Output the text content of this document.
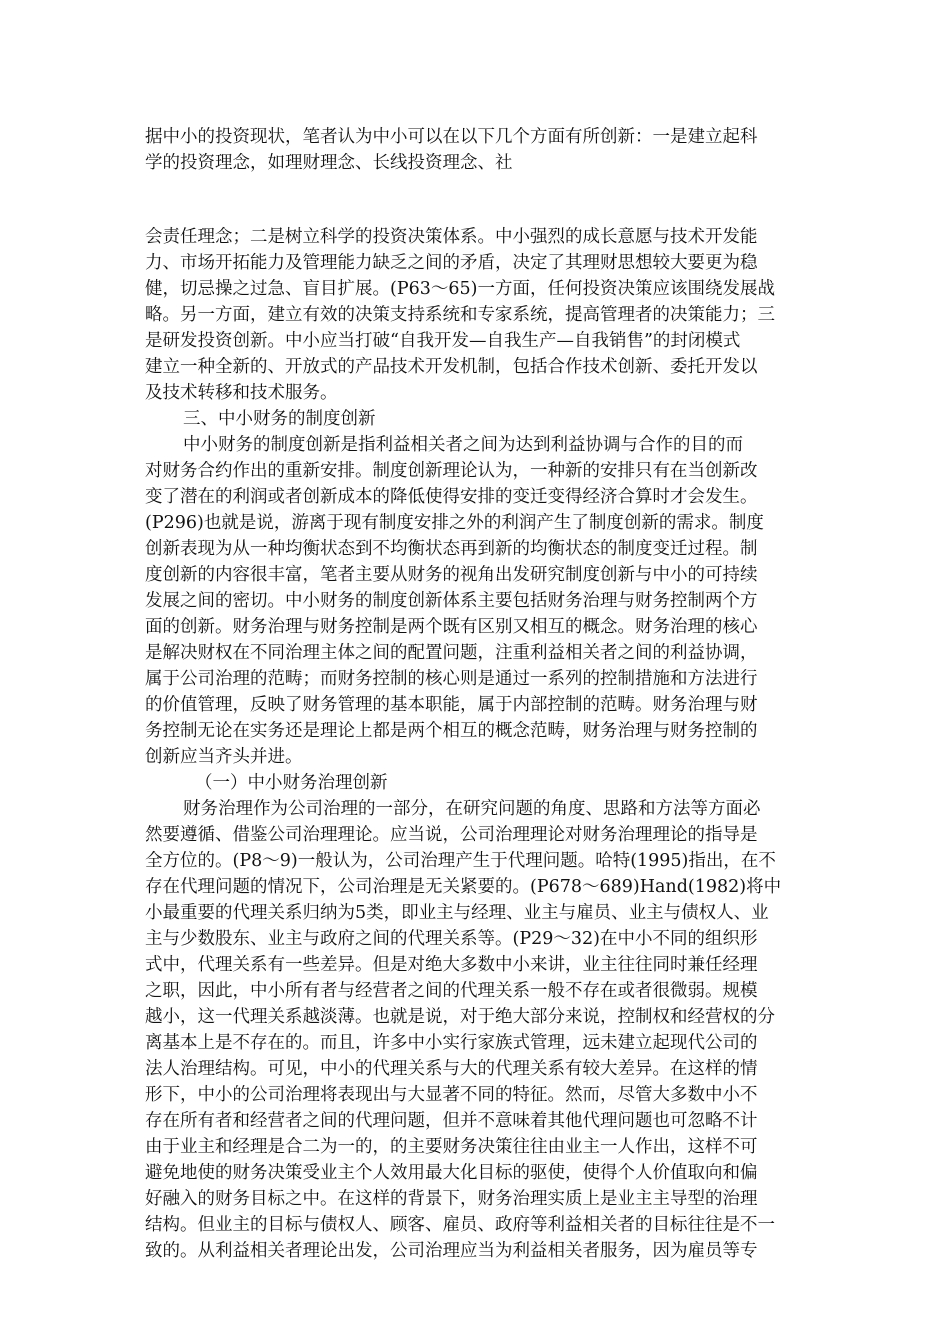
据中小的投资现状，笔者认为中小可以在以下几个方面有所创新：一是建立起科
学的投资理念，如理财理念、长线投资理念、社
会责任理念；二是树立科学的投资决策体系。中小强烈的成长意愿与技术开发能
力、市场开拓能力及管理能力缺乏之间的矛盾，决定了其理财思想较大要更为稳
健，切忌操之过急、盲目扩展。(P63～65)一方面，任何投资决策应该围绕发展战
略。另一方面，建立有效的决策支持系统和专家系统，提高管理者的决策能力；三
是研发投资创新。中小应当打破“自我开发—自我生产—自我销售”的封闭模式
建立一种全新的、开放式的产品技术开发机制，包括合作技术创新、委托开发以
及技术转移和技术服务。
三、中小财务的制度创新
中小财务的制度创新是指利益相关者之间为达到利益协调与合作的目的而
对财务合约作出的重新安排。制度创新理论认为，一种新的安排只有在当创新改
变了潜在的利润或者创新成本的降低使得安排的变迁变得经济合算时才会发生。
(P296)也就是说，游离于现有制度安排之外的利润产生了制度创新的需求。制度
创新表现为从一种均衡状态到不均衡状态再到新的均衡状态的制度变迁过程。制
度创新的内容很丰富，笔者主要从财务的视角出发研究制度创新与中小的可持续
发展之间的密切。中小财务的制度创新体系主要包括财务治理与财务控制两个方
面的创新。财务治理与财务控制是两个既有区别又相互的概念。财务治理的核心
是解决财权在不同治理主体之间的配置问题，注重利益相关者之间的利益协调，
属于公司治理的范畴；而财务控制的核心则是通过一系列的控制措施和方法进行
的价值管理，反映了财务管理的基本职能，属于内部控制的范畴。财务治理与财
务控制无论在实务还是理论上都是两个相互的概念范畴，财务治理与财务控制的
创新应当齐头并进。
（一）中小财务治理创新
财务治理作为公司治理的一部分，在研究问题的角度、思路和方法等方面必
然要遵循、借鉴公司治理理论。应当说，公司治理理论对财务治理理论的指导是
全方位的。(P8～9)一般认为，公司治理产生于代理问题。哈特(1995)指出，在不
存在代理问题的情况下，公司治理是无关紧要的。(P678～689)Hand(1982)将中
小最重要的代理关系归纳为5类，即业主与经理、业主与雇员、业主与债权人、业
主与少数股东、业主与政府之间的代理关系等。(P29～32)在中小不同的组织形
式中，代理关系有一些差异。但是对绝大多数中小来讲，业主往往同时兼任经理
之职，因此，中小所有者与经营者之间的代理关系一般不存在或者很微弱。规模
越小，这一代理关系越淡薄。也就是说，对于绝大部分来说，控制权和经营权的分
离基本上是不存在的。而且，许多中小实行家族式管理，远未建立起现代公司的
法人治理结构。可见，中小的代理关系与大的代理关系有较大差异。在这样的情
形下，中小的公司治理将表现出与大显著不同的特征。然而，尽管大多数中小不
存在所有者和经营者之间的代理问题，但并不意味着其他代理问题也可忽略不计
由于业主和经理是合二为一的，的主要财务决策往往由业主一人作出，这样不可
避免地使的财务决策受业主个人效用最大化目标的驱使，使得个人价值取向和偏
好融入的财务目标之中。在这样的背景下，财务治理实质上是业主主导型的治理
结构。但业主的目标与债权人、顾客、雇员、政府等利益相关者的目标往往是不一
致的。从利益相关者理论出发，公司治理应当为利益相关者服务，因为雇员等专
